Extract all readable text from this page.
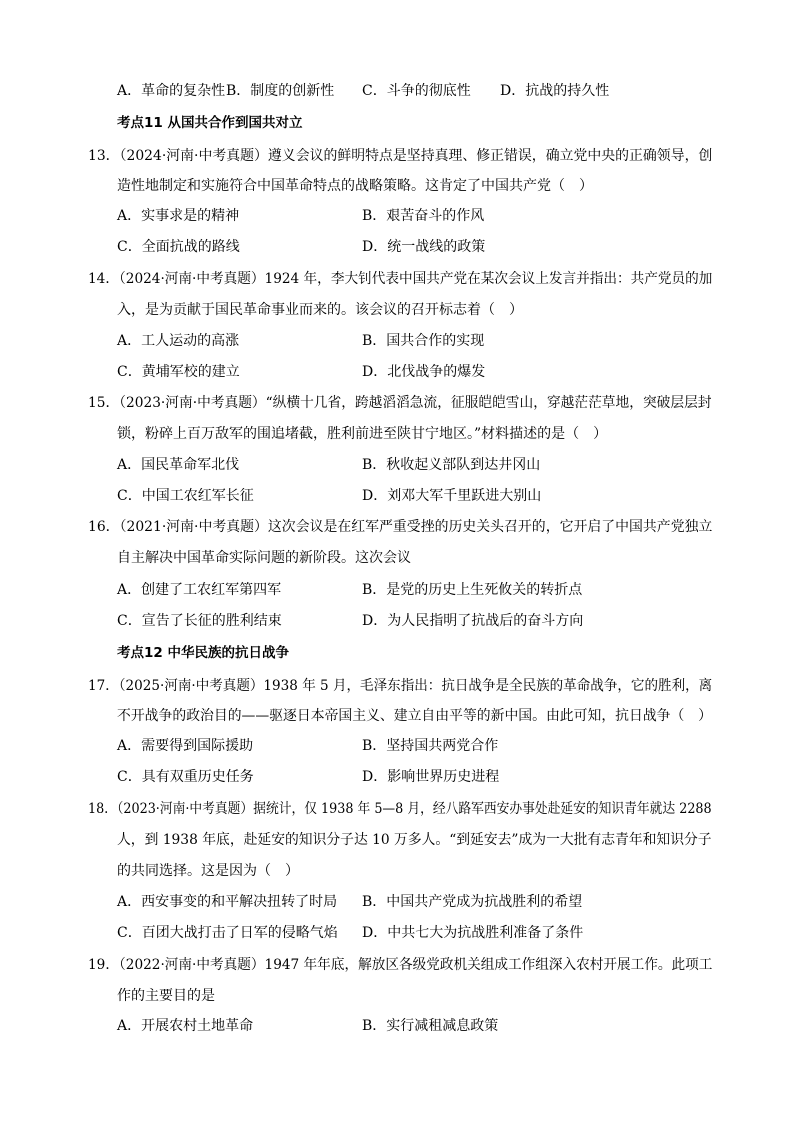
A．革命的复杂性 B．制度的创新性 C．斗争的彻底性 D．抗战的持久性
考点11 从国共合作到国共对立
13．（2024·河南·中考真题）遵义会议的鲜明特点是坚持真理、修正错误，确立党中央的正确领导，创
造性地制定和实施符合中国革命特点的战略策略。这肯定了中国共产党（　）
A．实事求是的精神	B．艰苦奋斗的作风
C．全面抗战的路线	D．统一战线的政策
14．（2024·河南·中考真题）1924 年，李大钊代表中国共产党在某次会议上发言并指出：共产党员的加
入，是为贡献于国民革命事业而来的。该会议的召开标志着（　）
A．工人运动的高涨	B．国共合作的实现
C．黄埔军校的建立	D．北伐战争的爆发
15．（2023·河南·中考真题）“纵横十几省，跨越滔滔急流，征服皑皑雪山，穿越茫茫草地，突破层层封
锁，粉碎上百万敌军的围追堵截，胜利前进至陕甘宁地区。”材料描述的是（　）
A．国民革命军北伐	B．秋收起义部队到达井冈山
C．中国工农红军长征	D．刘邓大军千里跃进大别山
16．（2021·河南·中考真题）这次会议是在红军严重受挫的历史关头召开的，它开启了中国共产党独立
自主解决中国革命实际问题的新阶段。这次会议
A．创建了工农红军第四军	B．是党的历史上生死攸关的转折点
C．宣告了长征的胜利结束	D．为人民指明了抗战后的奋斗方向
考点12 中华民族的抗日战争
17．（2025·河南·中考真题）1938 年 5 月，毛泽东指出：抗日战争是全民族的革命战争，它的胜利，离
不开战争的政治目的——驱逐日本帝国主义、建立自由平等的新中国。由此可知，抗日战争（　）
A．需要得到国际援助	B．坚持国共两党合作
C．具有双重历史任务	D．影响世界历史进程
18．（2023·河南·中考真题）据统计，仅 1938 年 5—8 月，经八路军西安办事处赴延安的知识青年就达 2288
人，到 1938 年底，赴延安的知识分子达 10 万多人。“到延安去”成为一大批有志青年和知识分子
的共同选择。这是因为（　）
A．西安事变的和平解决扭转了时局 B．中国共产党成为抗战胜利的希望
C．百团大战打击了日军的侵略气焰 D．中共七大为抗战胜利准备了条件
19．（2022·河南·中考真题）1947 年年底，解放区各级党政机关组成工作组深入农村开展工作。此项工
作的主要目的是
A．开展农村土地革命	B．实行减租减息政策
